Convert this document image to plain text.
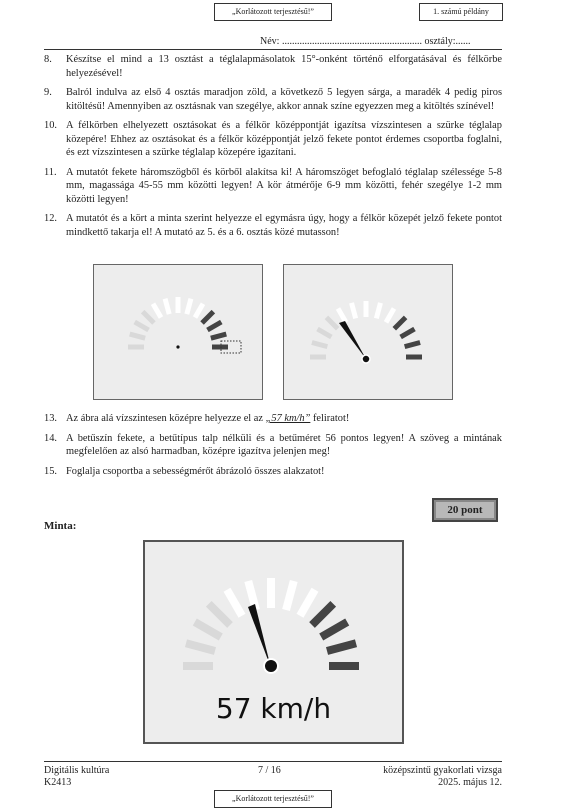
„Korlátozott terjesztésű!”	1. számú példány
Név: ........................................................ osztály:......
8. Készítse el mind a 13 osztást a téglalapmásolatok 15°-onként történő elforgatásával és félkörbe helyezésével!
9. Balról indulva az első 4 osztás maradjon zöld, a következő 5 legyen sárga, a maradék 4 pedig piros kitöltésű! Amennyiben az osztásnak van szegélye, akkor annak színe egyezzen meg a kitöltés színével!
10. A félkörben elhelyezett osztásokat és a félkör középpontját igazítsa vízszintesen a szürke téglalap közepére! Ehhez az osztásokat és a félkör középpontját jelző fekete pontot érdemes csoportba foglalni, és ezt vízszintesen a szürke téglalap közepére igazítani.
11. A mutatót fekete háromszögből és körből alakítsa ki! A háromszöget befoglaló téglalap szélessége 5-8 mm, magassága 45-55 mm közötti legyen! A kör átmérője 6-9 mm közötti, fehér szegélye 1-2 mm közötti legyen!
12. A mutatót és a kört a minta szerint helyezze el egymásra úgy, hogy a félkör közepét jelző fekete pontot mindkettő takarja el! A mutató az 5. és a 6. osztás közé mutasson!
13. Az ábra alá vízszintesen középre helyezze el az „57 km/h” feliratot!
14. A betűszín fekete, a betűtípus talp nélküli és a betűméret 56 pontos legyen! A szöveg a mintának megfelelően az alsó harmadban, középre igazítva jelenjen meg!
15. Foglalja csoportba a sebességmérőt ábrázoló összes alakzatot!
20 pont
Minta:
57 km/h
Digitális kultúra
K2413
7 / 16	középszintű gyakorlati vizsga
2025. május 12.
„Korlátozott terjesztésű!”
